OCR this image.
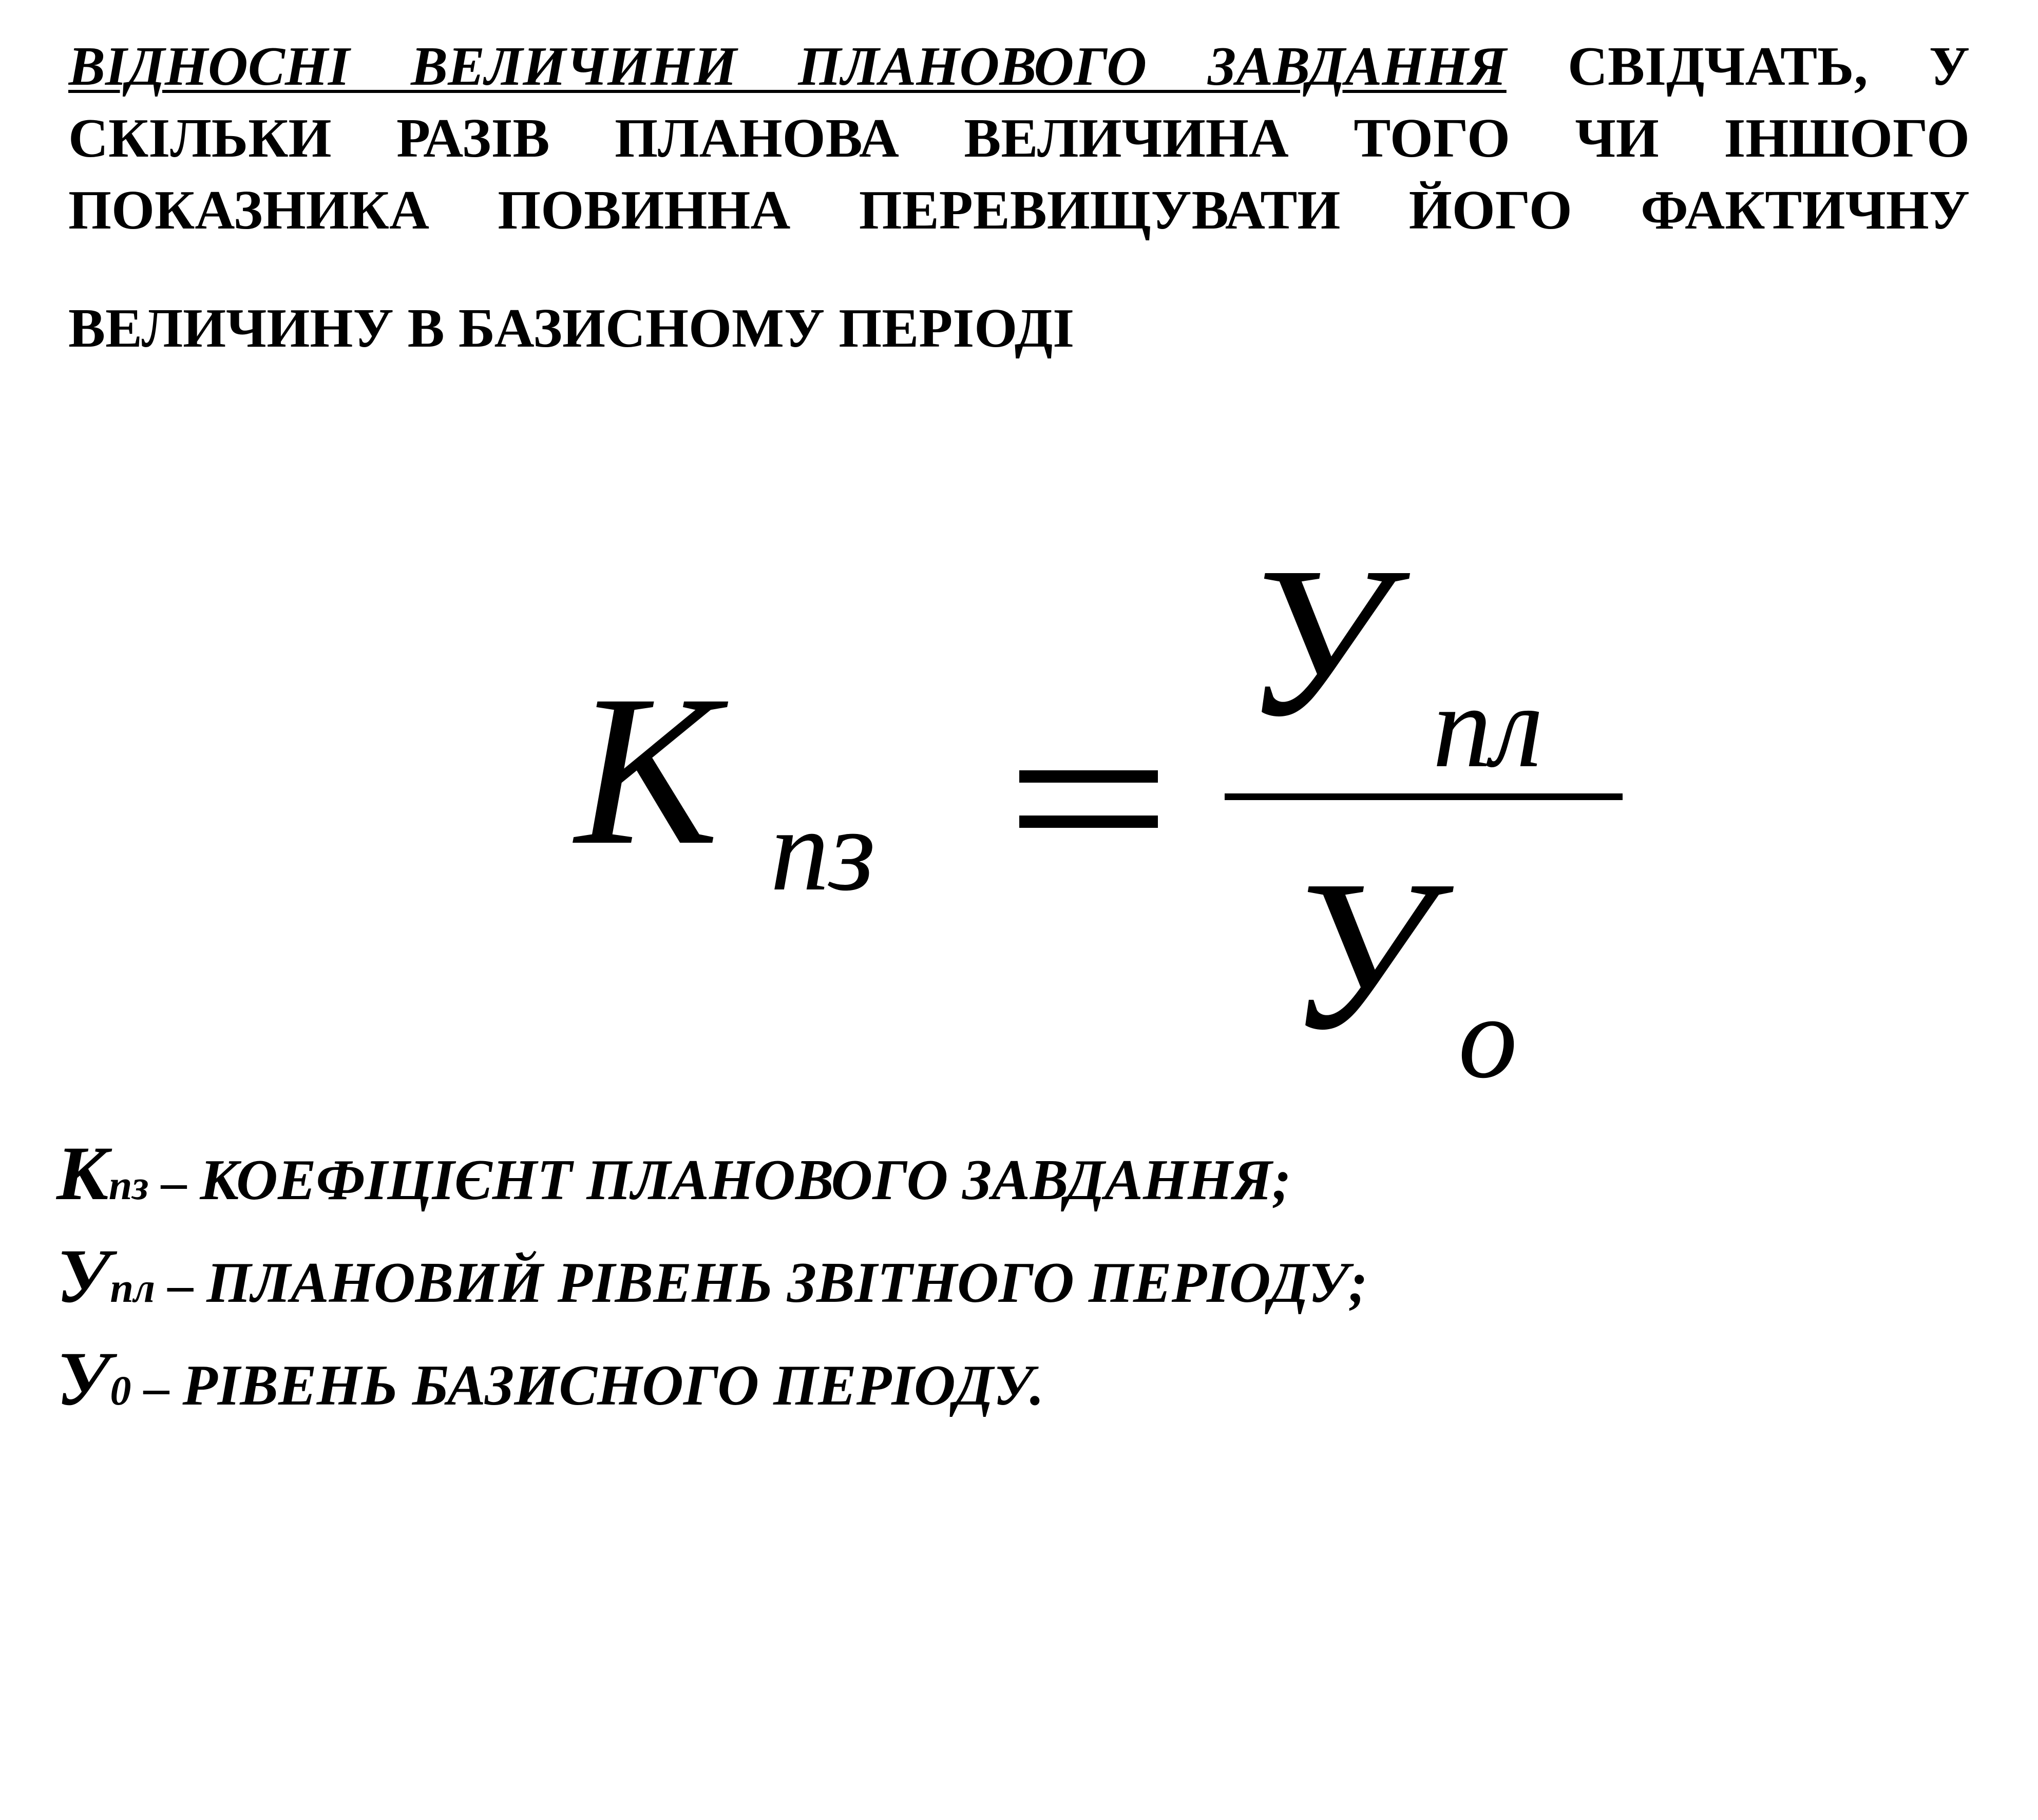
ВІДНОСНІ ВЕЛИЧИНИ ПЛАНОВОГО ЗАВДАННЯ СВІДЧАТЬ, У
СКІЛЬКИ РАЗІВ ПЛАНОВА ВЕЛИЧИНА ТОГО ЧИ ІНШОГО
ПОКАЗНИКА ПОВИННА ПЕРЕВИЩУВАТИ ЙОГО ФАКТИЧНУ
ВЕЛИЧИНУ В БАЗИСНОМУ ПЕРІОДІ
K пз
У пл
У о
Кпз – КОЕФІЦІЄНТ ПЛАНОВОГО ЗАВДАННЯ;
Упл – ПЛАНОВИЙ РІВЕНЬ ЗВІТНОГО ПЕРІОДУ;
У0 – РІВЕНЬ БАЗИСНОГО ПЕРІОДУ.
